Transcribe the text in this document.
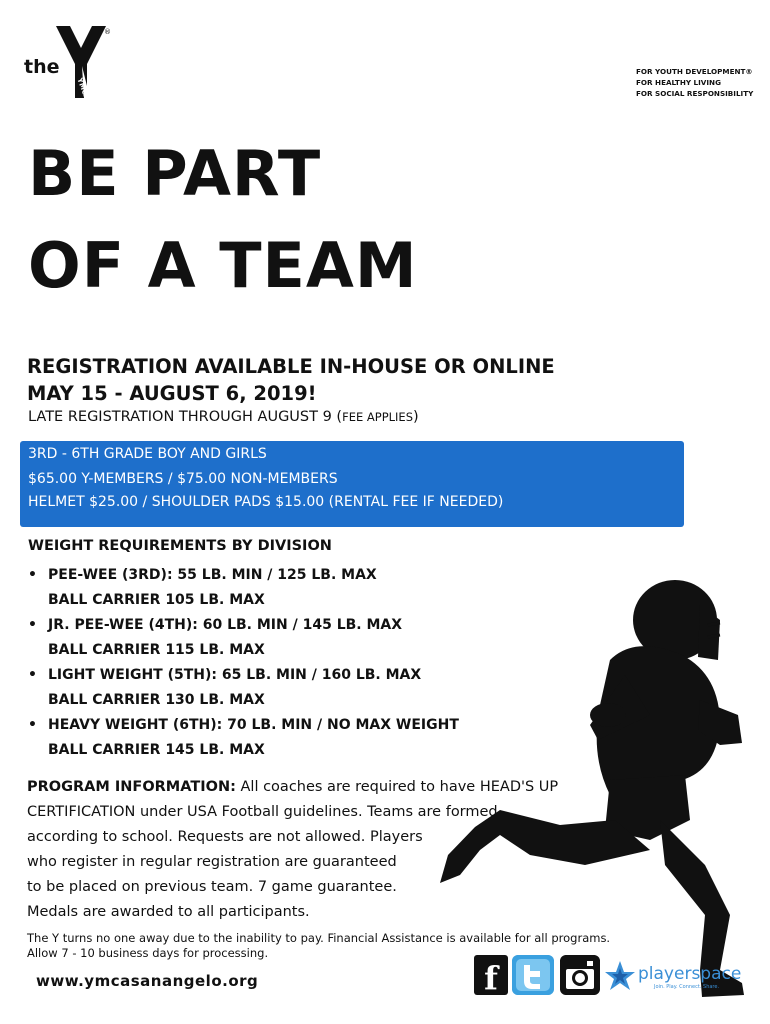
the
YMCA
®
FOR YOUTH DEVELOPMENT®
FOR HEALTHY LIVING
FOR SOCIAL RESPONSIBILITY
BE PART
OF A TEAM
REGISTRATION AVAILABLE IN-HOUSE OR ONLINE
MAY 15 - AUGUST 6, 2019!
LATE REGISTRATION THROUGH AUGUST 9 (FEE APPLIES)
3RD - 6TH GRADE BOY AND GIRLS
$65.00 Y-MEMBERS / $75.00 NON-MEMBERS
HELMET $25.00 / SHOULDER PADS $15.00 (RENTAL FEE IF NEEDED)
WEIGHT REQUIREMENTS BY DIVISION
• PEE-WEE (3RD): 55 LB. MIN / 125 LB. MAX
BALL CARRIER 105 LB. MAX
• JR. PEE-WEE (4TH): 60 LB. MIN / 145 LB. MAX
BALL CARRIER 115 LB. MAX
• LIGHT WEIGHT (5TH): 65 LB. MIN / 160 LB. MAX
BALL CARRIER 130 LB. MAX
• HEAVY WEIGHT (6TH): 70 LB. MIN / NO MAX WEIGHT
BALL CARRIER 145 LB. MAX
PROGRAM INFORMATION: All coaches are required to have HEAD'S UP
CERTIFICATION under USA Football guidelines. Teams are formed
according to school. Requests are not allowed. Players
who register in regular registration are guaranteed
to be placed on previous team. 7 game guarantee.
Medals are awarded to all participants.
The Y turns no one away due to the inability to pay. Financial Assistance is available for all programs.
Allow 7 - 10 business days for processing.
www.ymcasanangelo.org	f	playerspace
Join. Play. Connect. Share.
